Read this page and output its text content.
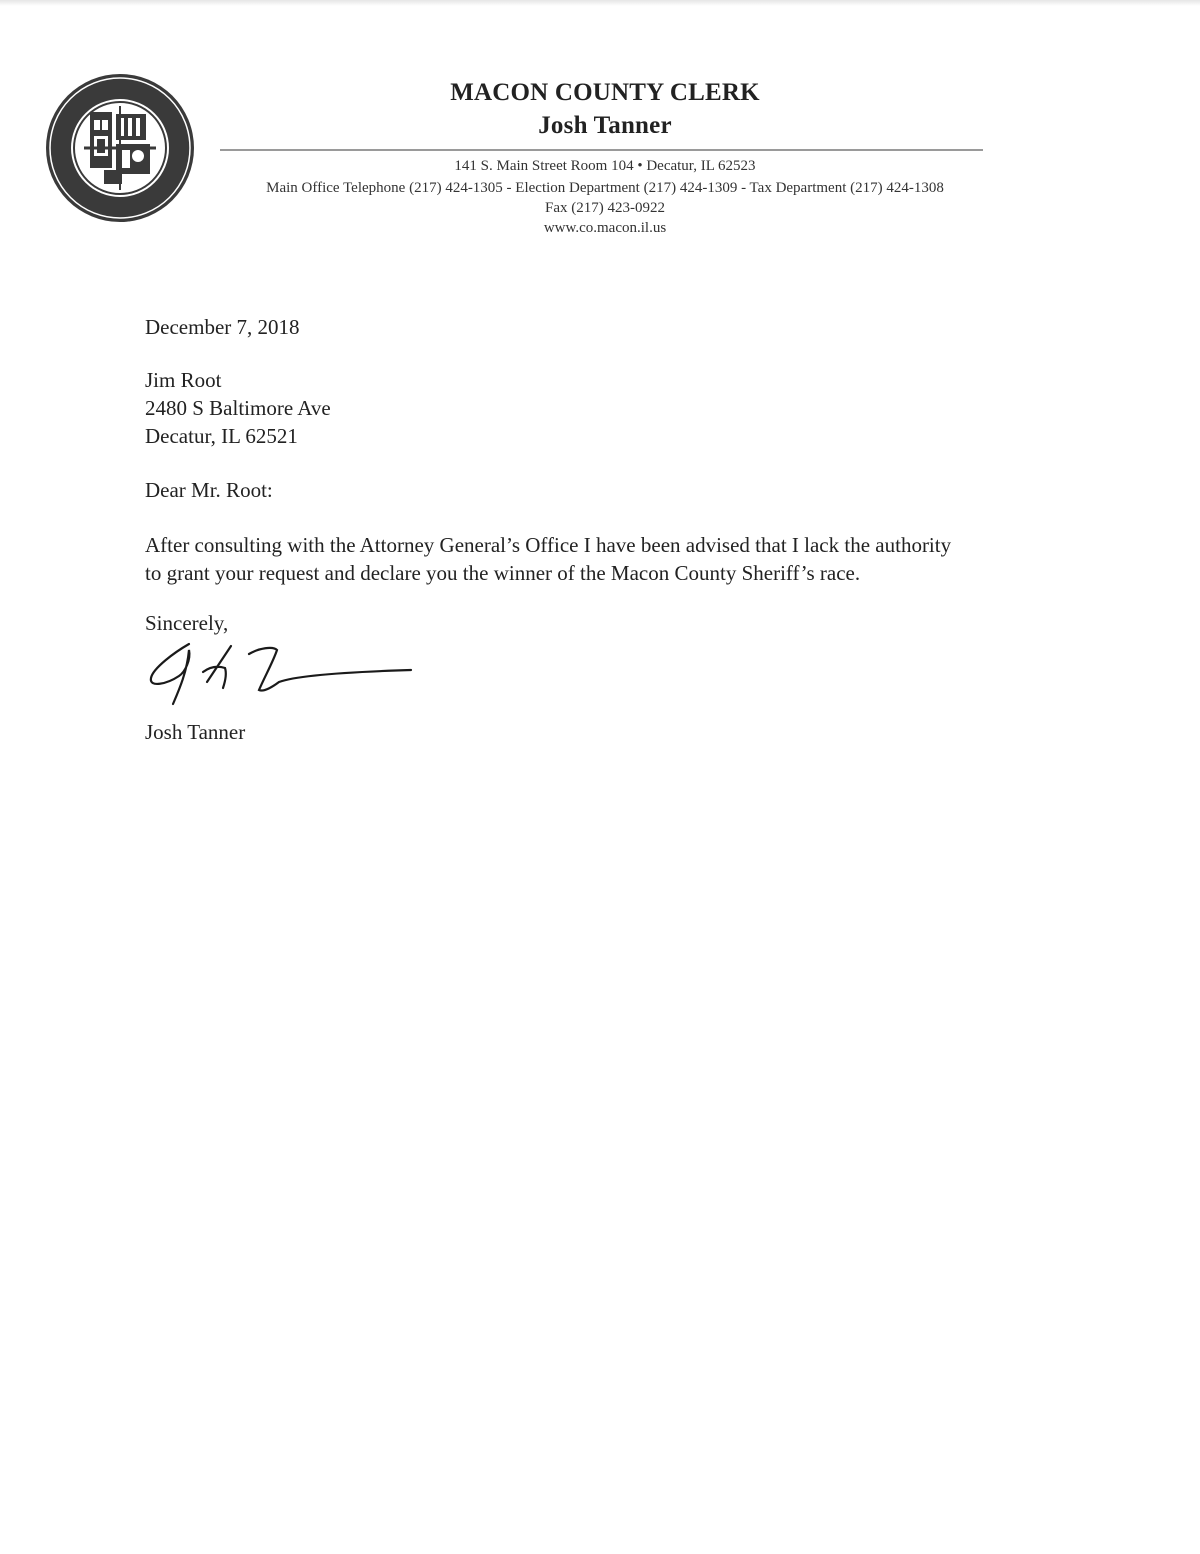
MACON COUNTY CLERK
Josh Tanner
141 S. Main Street Room 104 • Decatur, IL 62523
Main Office Telephone (217) 424-1305 - Election Department (217) 424-1309 - Tax Department (217) 424-1308
Fax (217) 423-0922
www.co.macon.il.us
December 7, 2018
Jim Root
2480 S Baltimore Ave
Decatur, IL 62521
Dear Mr. Root:
After consulting with the Attorney General’s Office I have been advised that I lack the authority
to grant your request and declare you the winner of the Macon County Sheriff’s race.
Sincerely,
Josh Tanner
